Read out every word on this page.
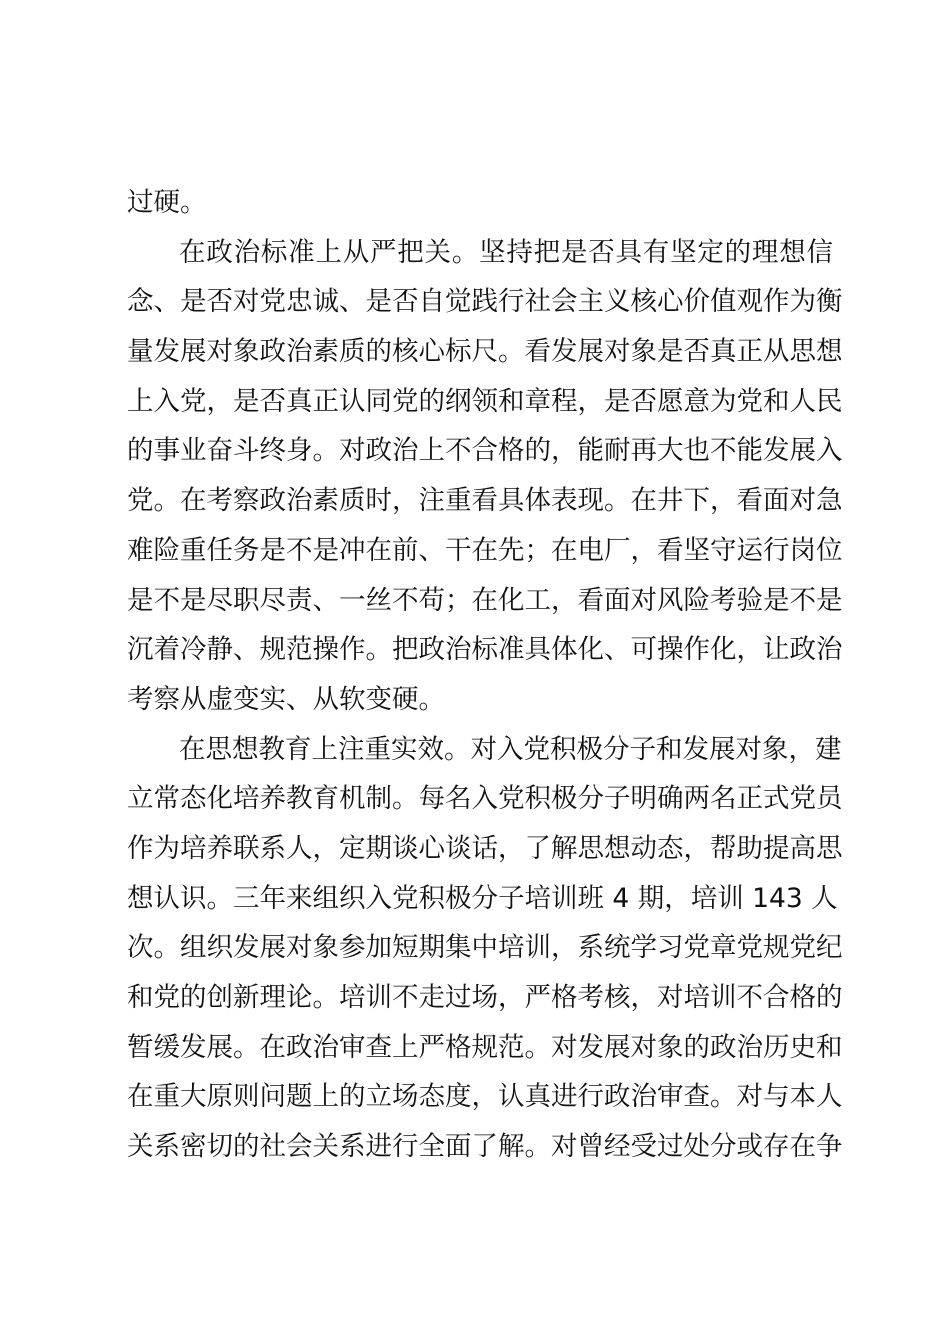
过硬。
在政治标准上从严把关。坚持把是否具有坚定的理想信
念、是否对党忠诚、是否自觉践行社会主义核心价值观作为衡
量发展对象政治素质的核心标尺。看发展对象是否真正从思想
上入党，是否真正认同党的纲领和章程，是否愿意为党和人民
的事业奋斗终身。对政治上不合格的，能耐再大也不能发展入
党。在考察政治素质时，注重看具体表现。在井下，看面对急
难险重任务是不是冲在前、干在先；在电厂，看坚守运行岗位
是不是尽职尽责、一丝不苟；在化工，看面对风险考验是不是
沉着冷静、规范操作。把政治标准具体化、可操作化，让政治
考察从虚变实、从软变硬。
在思想教育上注重实效。对入党积极分子和发展对象，建
立常态化培养教育机制。每名入党积极分子明确两名正式党员
作为培养联系人，定期谈心谈话，了解思想动态，帮助提高思
想认识。三年来组织入党积极分子培训班 4 期，培训 143 人
次。组织发展对象参加短期集中培训，系统学习党章党规党纪
和党的创新理论。培训不走过场，严格考核，对培训不合格的
暂缓发展。在政治审查上严格规范。对发展对象的政治历史和
在重大原则问题上的立场态度，认真进行政治审查。对与本人
关系密切的社会关系进行全面了解。对曾经受过处分或存在争
